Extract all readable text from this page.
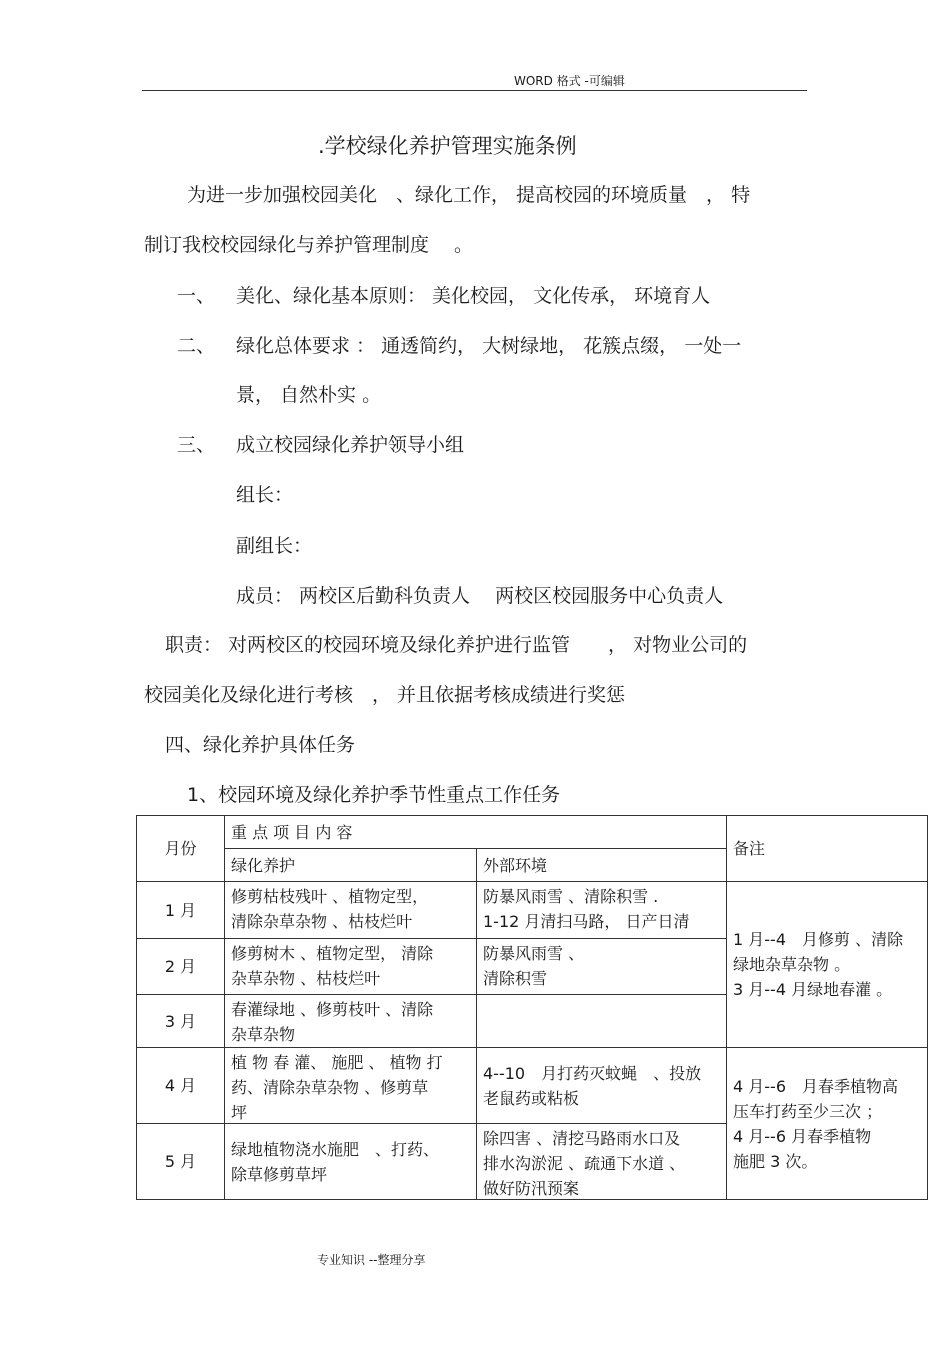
WORD 格式 -可编辑
.学校绿化养护管理实施条例
为进一步加强校园美化　、绿化工作， 提高校园的环境质量　， 特
制订我校校园绿化与养护管理制度　 。
一、 美化、绿化基本原则： 美化校园， 文化传承， 环境育人
二、 绿化总体要求 ： 通透简约， 大树绿地， 花簇点缀， 一处一
景， 自然朴实 。
三、 成立校园绿化养护领导小组
组长：
副组长：
成员： 两校区后勤科负责人　 两校区校园服务中心负责人
职责： 对两校区的校园环境及绿化养护进行监管　　， 对物业公司的
校园美化及绿化进行考核　， 并且依据考核成绩进行奖惩
四、绿化养护具体任务
1、校园环境及绿化养护季节性重点工作任务
月份
重 点 项 目 内 容
绿化养护	外部环境
备注
1 月
修剪枯枝残叶 、植物定型，
清除杂草杂物 、枯枝烂叶
防暴风雨雪 、清除积雪 .
1-12 月清扫马路， 日产日清
2 月
修剪树木 、植物定型， 清除
杂草杂物 、枯枝烂叶
防暴风雨雪 、
清除积雪
3 月
春灌绿地 、修剪枝叶 、清除
杂草杂物
1 月--4　月修剪 、清除
绿地杂草杂物 。
3 月--4 月绿地春灌 。
4 月
植 物 春 灌、 施肥 、 植物 打
药、清除杂草杂物 、修剪草
坪
4--10　月打药灭蚊蝇　、投放
老鼠药或粘板
5 月
绿地植物浇水施肥　、打药、
除草修剪草坪
除四害 、清挖马路雨水口及
排水沟淤泥 、疏通下水道 、
做好防汛预案
4 月--6　月春季植物高
压车打药至少三次 ；
4 月--6 月春季植物
施肥 3 次。
专业知识 --整理分享
